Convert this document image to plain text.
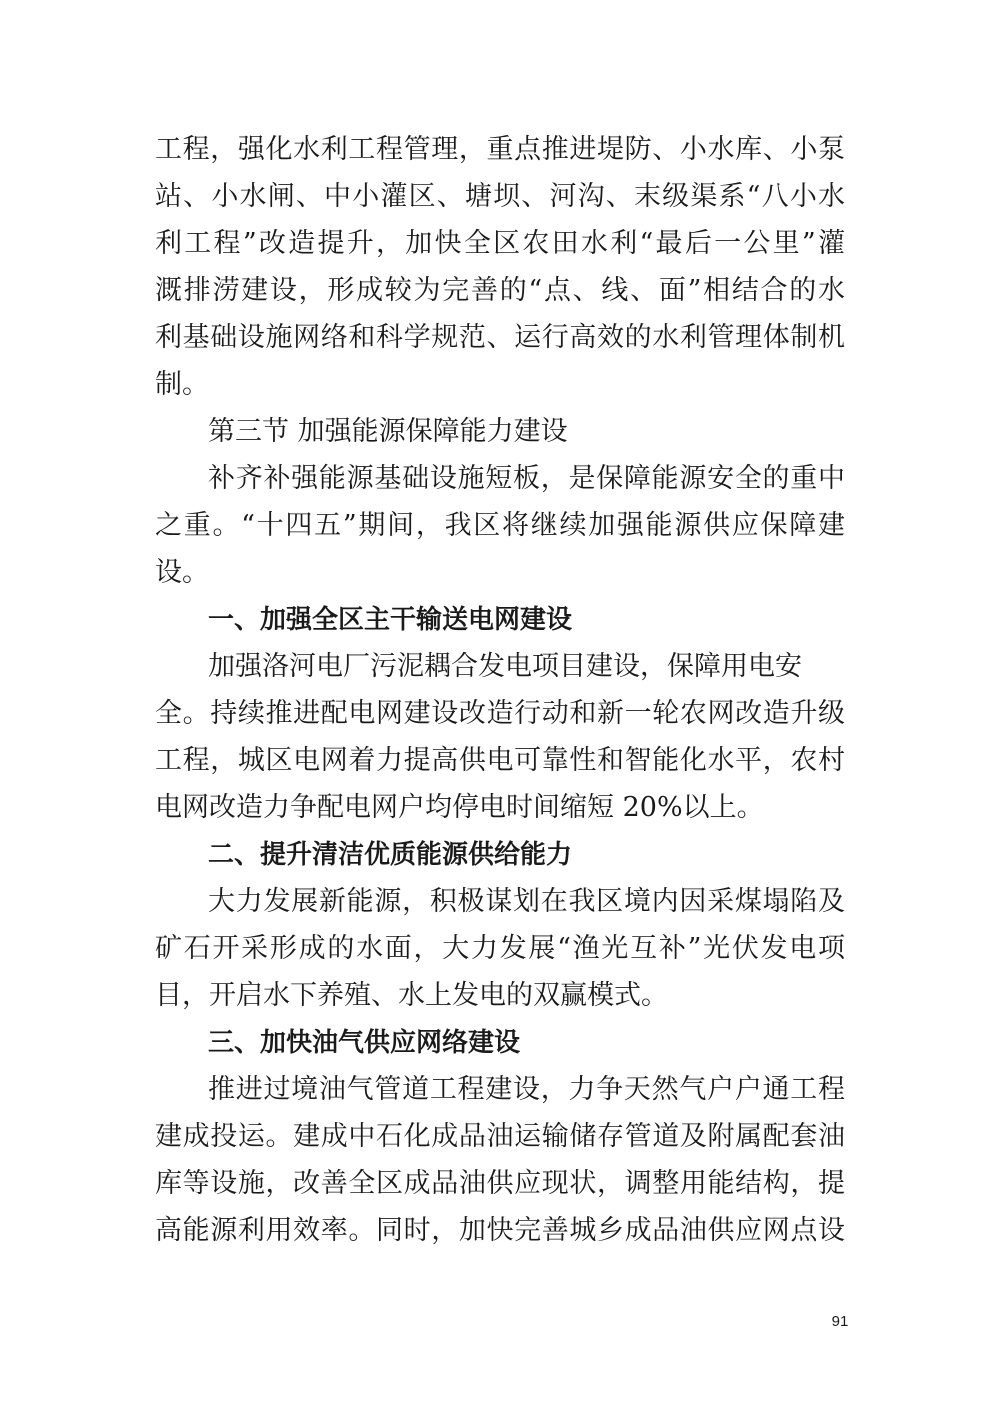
工程，强化水利工程管理，重点推进堤防、小水库、小泵
站、小水闸、中小灌区、塘坝、河沟、末级渠系“八小水
利工程”改造提升，加快全区农田水利“最后一公里”灌
溉排涝建设，形成较为完善的“点、线、面”相结合的水
利基础设施网络和科学规范、运行高效的水利管理体制机
制。
第三节 加强能源保障能力建设
补齐补强能源基础设施短板，是保障能源安全的重中
之重。“十四五”期间，我区将继续加强能源供应保障建
设。
一、加强全区主干输送电网建设
加强洛河电厂污泥耦合发电项目建设，保障用电安
全。持续推进配电网建设改造行动和新一轮农网改造升级
工程，城区电网着力提高供电可靠性和智能化水平，农村
电网改造力争配电网户均停电时间缩短 20%以上。
二、提升清洁优质能源供给能力
大力发展新能源，积极谋划在我区境内因采煤塌陷及
矿石开采形成的水面，大力发展“渔光互补”光伏发电项
目，开启水下养殖、水上发电的双赢模式。
三、加快油气供应网络建设
推进过境油气管道工程建设，力争天然气户户通工程
建成投运。建成中石化成品油运输储存管道及附属配套油
库等设施，改善全区成品油供应现状，调整用能结构，提
高能源利用效率。同时，加快完善城乡成品油供应网点设
91
